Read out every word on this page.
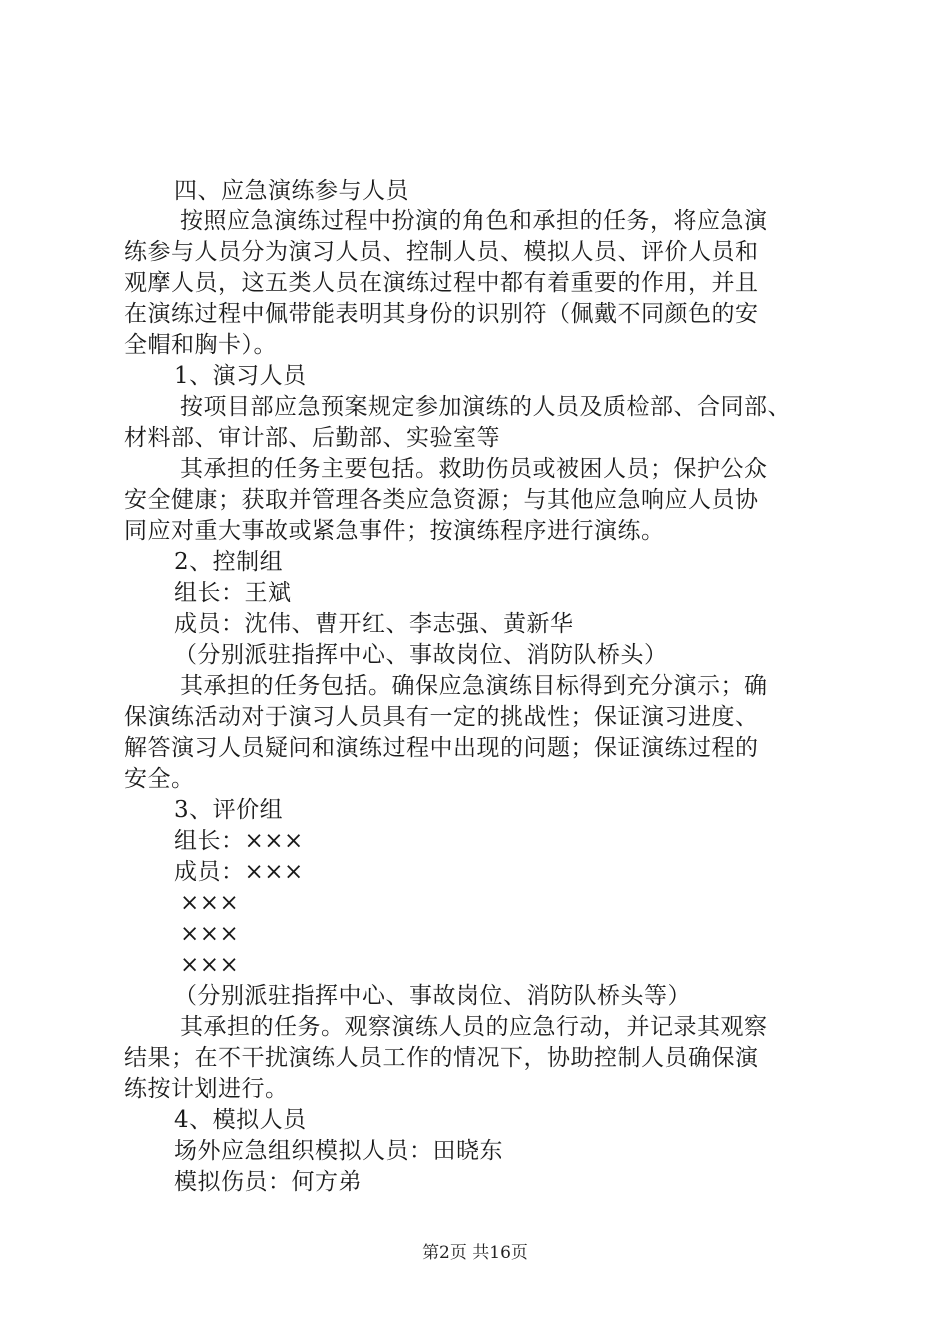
四、应急演练参与人员
按照应急演练过程中扮演的角色和承担的任务，将应急演
练参与人员分为演习人员、控制人员、模拟人员、评价人员和
观摩人员，这五类人员在演练过程中都有着重要的作用，并且
在演练过程中佩带能表明其身份的识别符（佩戴不同颜色的安
全帽和胸卡）。
1、演习人员
按项目部应急预案规定参加演练的人员及质检部、合同部、
材料部、审计部、后勤部、实验室等
其承担的任务主要包括。救助伤员或被困人员；保护公众
安全健康；获取并管理各类应急资源；与其他应急响应人员协
同应对重大事故或紧急事件；按演练程序进行演练。
2、控制组
组长：王斌
成员：沈伟、曹开红、李志强、黄新华
（分别派驻指挥中心、事故岗位、消防队桥头）
其承担的任务包括。确保应急演练目标得到充分演示；确
保演练活动对于演习人员具有一定的挑战性；保证演习进度、
解答演习人员疑问和演练过程中出现的问题；保证演练过程的
安全。
3、评价组
组长：×××
成员：×××
×××
×××
×××
（分别派驻指挥中心、事故岗位、消防队桥头等）
其承担的任务。观察演练人员的应急行动，并记录其观察
结果；在不干扰演练人员工作的情况下，协助控制人员确保演
练按计划进行。
4、模拟人员
场外应急组织模拟人员：田晓东
模拟伤员：何方弟
第2页 共16页
